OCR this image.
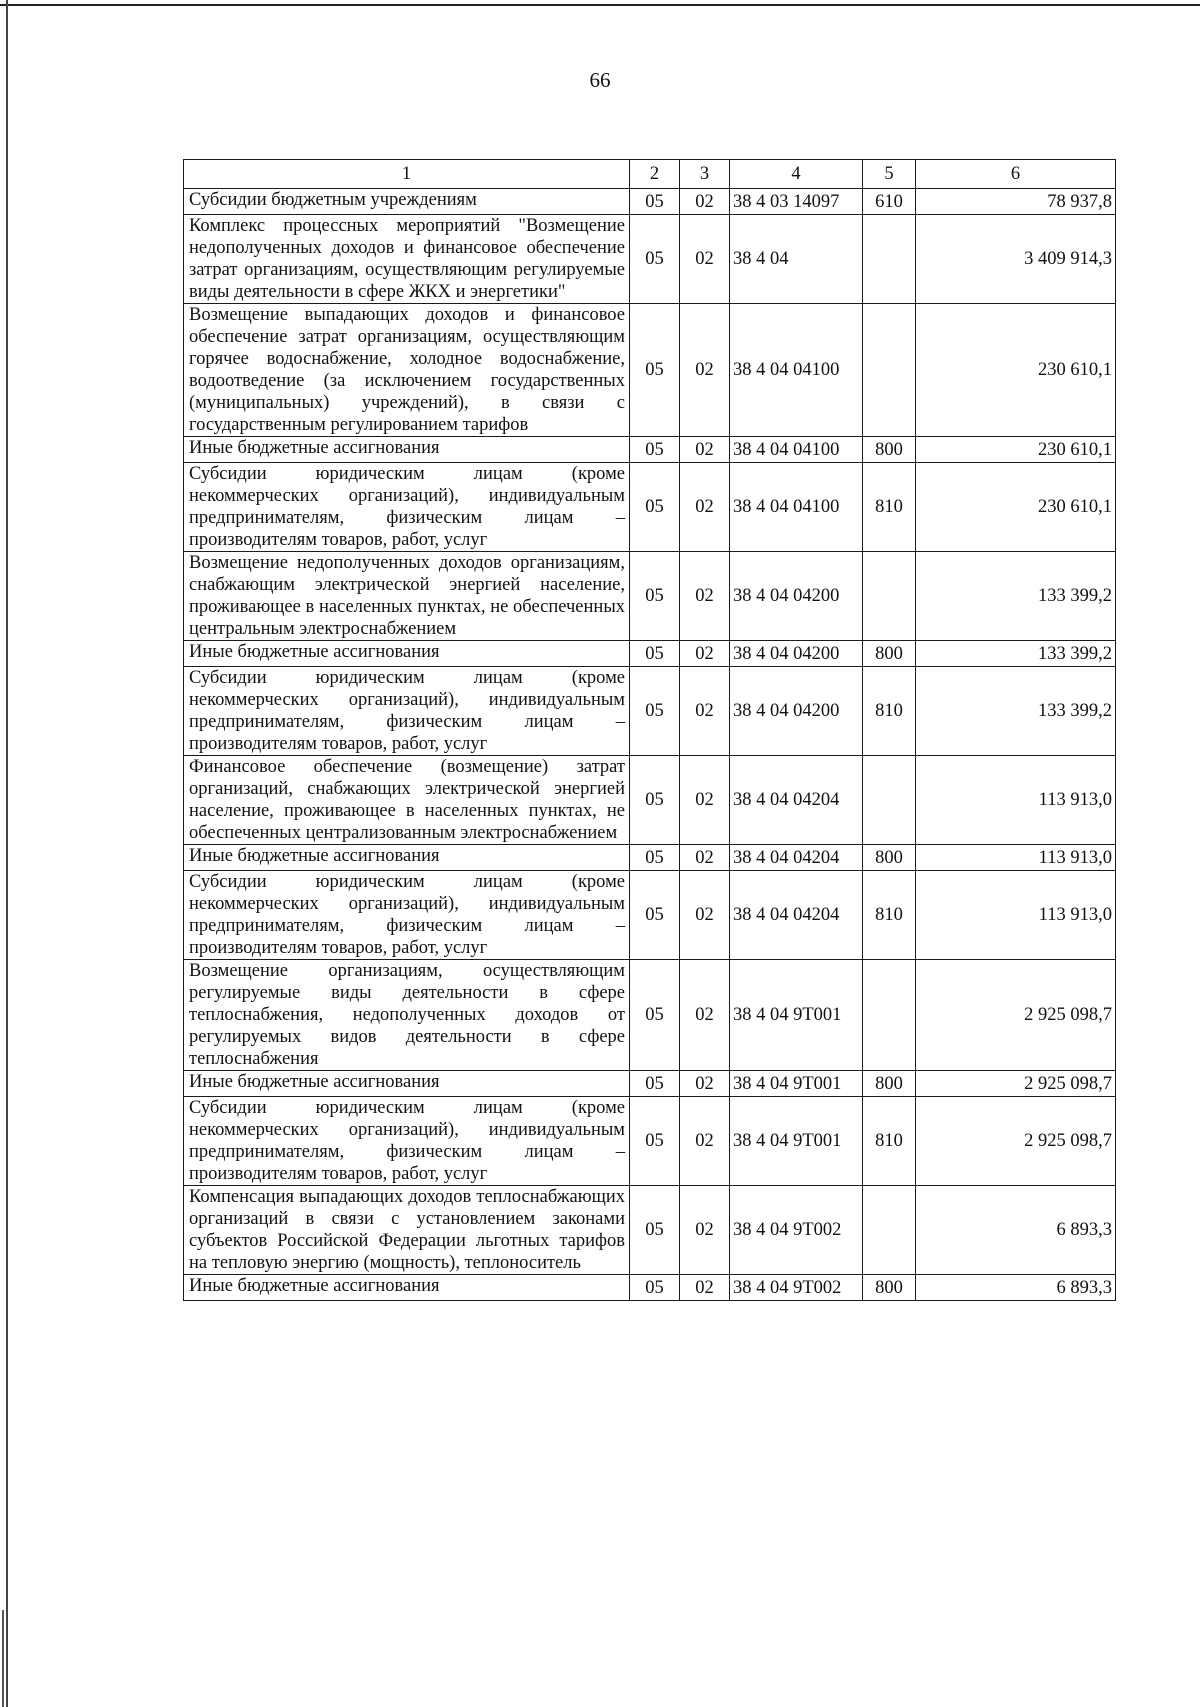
66
1	2	3	4	5	6
Субсидии бюджетным учреждениям	05	02	38 4 03 14097	610	78 937,8
Комплекс процессных мероприятий "Возмещение недополученных доходов и финансовое обеспечение затрат организациям, осуществляющим регулируемые виды деятельности в сфере ЖКХ и энергетики"	05	02	38 4 04		3 409 914,3
Возмещение выпадающих доходов и финансовое обеспечение затрат организациям, осуществляющим горячее водоснабжение, холодное водоснабжение, водоотведение (за исключением государственных (муниципальных) учреждений), в связи с государственным регулированием тарифов	05	02	38 4 04 04100		230 610,1
Иные бюджетные ассигнования	05	02	38 4 04 04100	800	230 610,1
Субсидии юридическим лицам (кроме некоммерческих организаций), индивидуальным предпринимателям, физическим лицам – производителям товаров, работ, услуг	05	02	38 4 04 04100	810	230 610,1
Возмещение недополученных доходов организациям, снабжающим электрической энергией население, проживающее в населенных пунктах, не обеспеченных центральным электроснабжением	05	02	38 4 04 04200		133 399,2
Иные бюджетные ассигнования	05	02	38 4 04 04200	800	133 399,2
Субсидии юридическим лицам (кроме некоммерческих организаций), индивидуальным предпринимателям, физическим лицам – производителям товаров, работ, услуг	05	02	38 4 04 04200	810	133 399,2
Финансовое обеспечение (возмещение) затрат организаций, снабжающих электрической энергией население, проживающее в населенных пунктах, не обеспеченных централизованным электроснабжением	05	02	38 4 04 04204		113 913,0
Иные бюджетные ассигнования	05	02	38 4 04 04204	800	113 913,0
Субсидии юридическим лицам (кроме некоммерческих организаций), индивидуальным предпринимателям, физическим лицам – производителям товаров, работ, услуг	05	02	38 4 04 04204	810	113 913,0
Возмещение организациям, осуществляющим регулируемые виды деятельности в сфере теплоснабжения, недополученных доходов от регулируемых видов деятельности в сфере теплоснабжения	05	02	38 4 04 9Т001		2 925 098,7
Иные бюджетные ассигнования	05	02	38 4 04 9Т001	800	2 925 098,7
Субсидии юридическим лицам (кроме некоммерческих организаций), индивидуальным предпринимателям, физическим лицам – производителям товаров, работ, услуг	05	02	38 4 04 9Т001	810	2 925 098,7
Компенсация выпадающих доходов теплоснабжающих организаций в связи с установлением законами субъектов Российской Федерации льготных тарифов на тепловую энергию (мощность), теплоноситель	05	02	38 4 04 9Т002		6 893,3
Иные бюджетные ассигнования	05	02	38 4 04 9Т002	800	6 893,3
